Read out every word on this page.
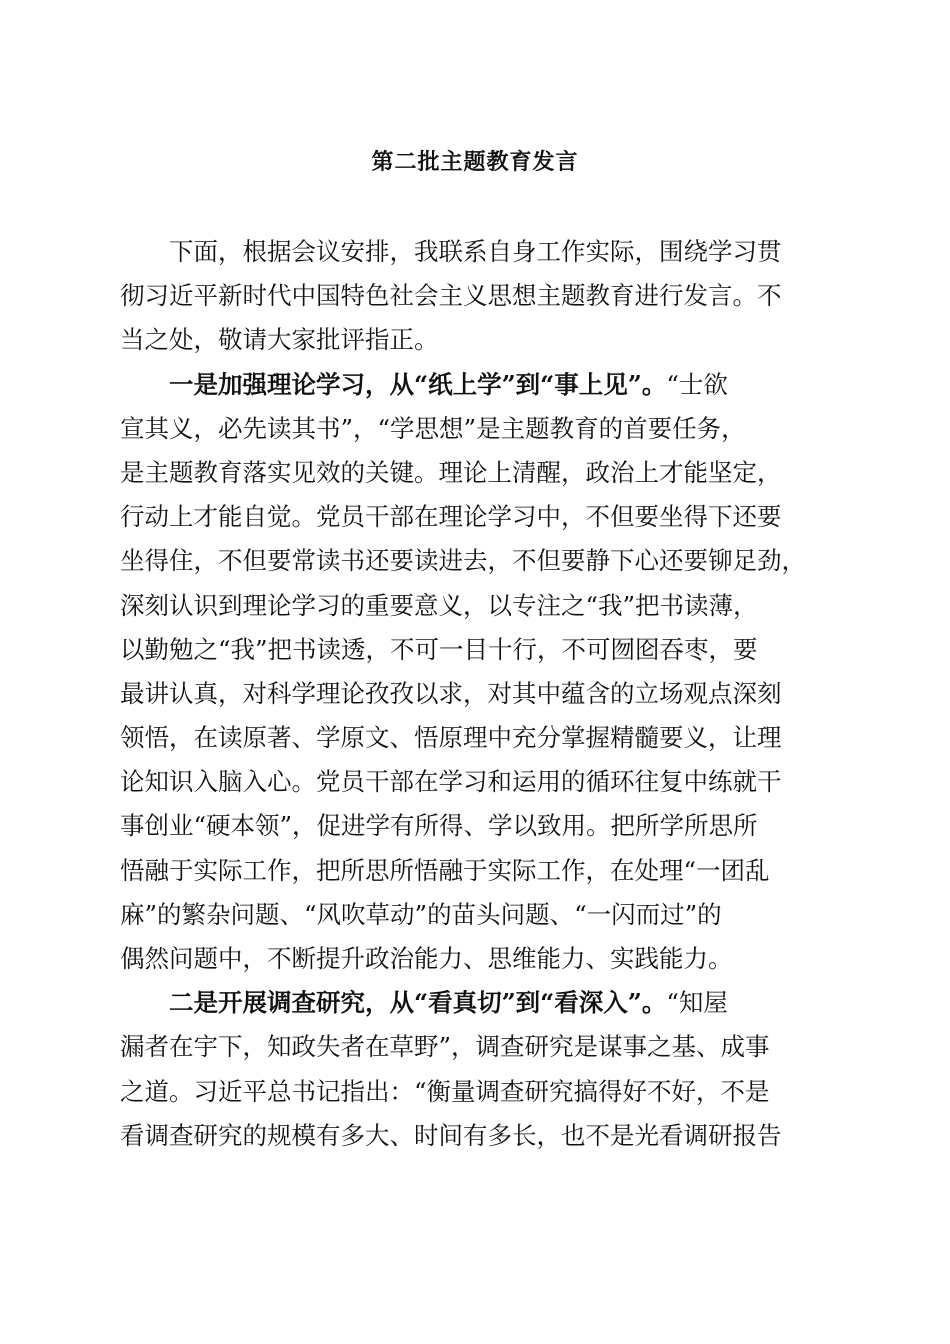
第二批主题教育发言
下面，根据会议安排，我联系自身工作实际，围绕学习贯
彻习近平新时代中国特色社会主义思想主题教育进行发言。不
当之处，敬请大家批评指正。
一是加强理论学习，从“纸上学”到“事上见”。“士欲
宣其义，必先读其书”，“学思想”是主题教育的首要任务，
是主题教育落实见效的关键。理论上清醒，政治上才能坚定，
行动上才能自觉。党员干部在理论学习中，不但要坐得下还要
坐得住，不但要常读书还要读进去，不但要静下心还要铆足劲，
深刻认识到理论学习的重要意义，以专注之“我”把书读薄，
以勤勉之“我”把书读透，不可一目十行，不可囫囵吞枣，要
最讲认真，对科学理论孜孜以求，对其中蕴含的立场观点深刻
领悟，在读原著、学原文、悟原理中充分掌握精髓要义，让理
论知识入脑入心。党员干部在学习和运用的循环往复中练就干
事创业“硬本领”，促进学有所得、学以致用。把所学所思所
悟融于实际工作，把所思所悟融于实际工作，在处理“一团乱
麻”的繁杂问题、“风吹草动”的苗头问题、“一闪而过”的
偶然问题中，不断提升政治能力、思维能力、实践能力。
二是开展调查研究，从“看真切”到“看深入”。“知屋
漏者在宇下，知政失者在草野”，调查研究是谋事之基、成事
之道。习近平总书记指出：“衡量调查研究搞得好不好，不是
看调查研究的规模有多大、时间有多长，也不是光看调研报告
